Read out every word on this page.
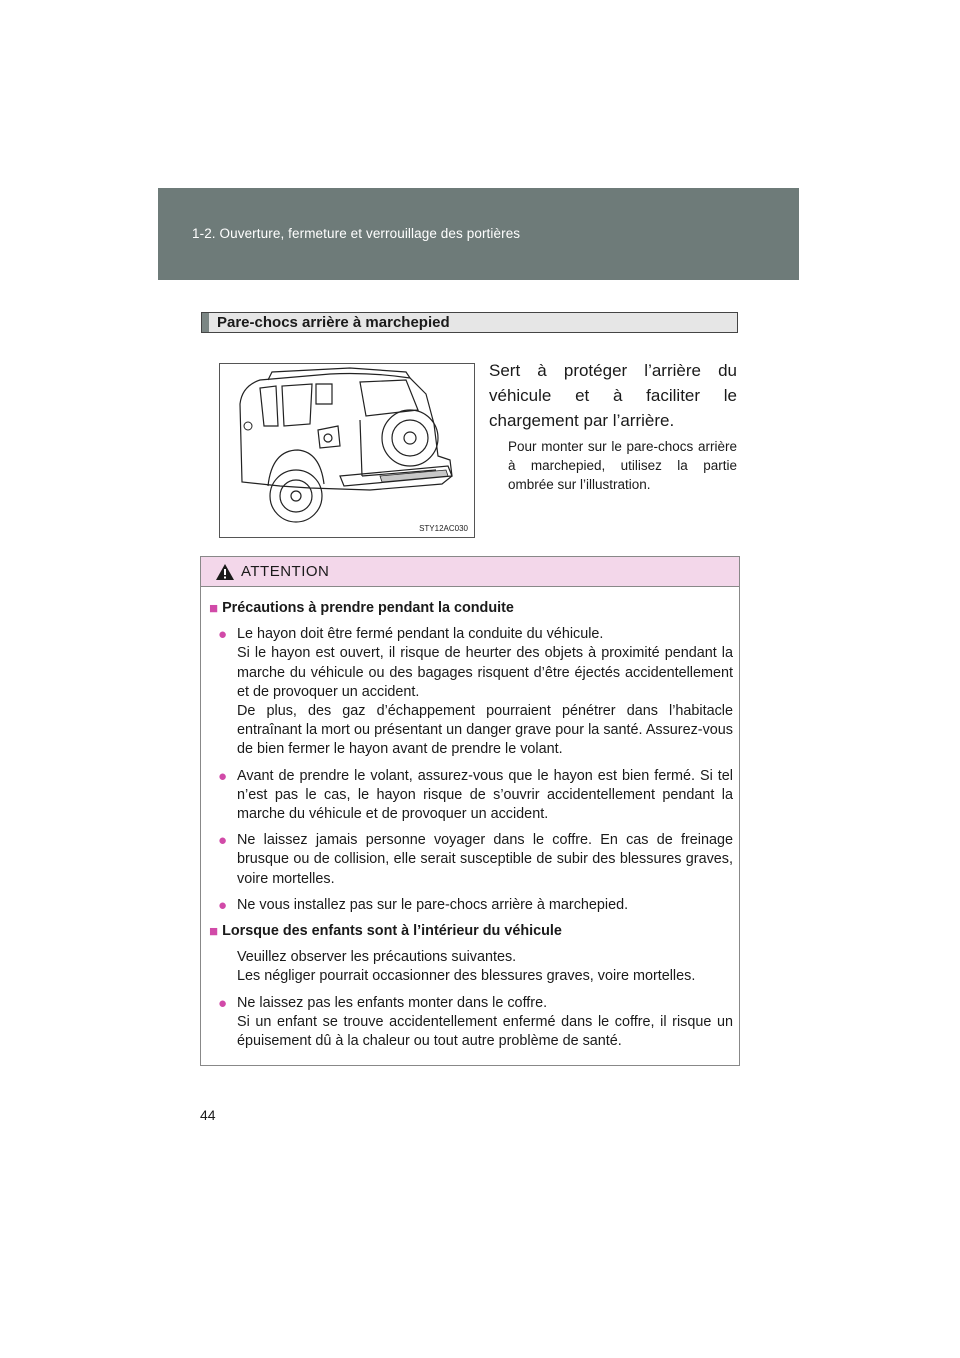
1-2. Ouverture, fermeture et verrouillage des portières
Pare-chocs arrière à marchepied
STY12AC030
Sert à protéger l’arrière du véhicule et à faciliter le chargement par l’arrière.
Pour monter sur le pare-chocs arrière à marchepied, utilisez la partie ombrée sur l’illustration.
ATTENTION
■ Précautions à prendre pendant la conduite
● Le hayon doit être fermé pendant la conduite du véhicule.
Si le hayon est ouvert, il risque de heurter des objets à proximité pendant la marche du véhicule ou des bagages risquent d’être éjectés accidentellement et de provoquer un accident.
De plus, des gaz d’échappement pourraient pénétrer dans l’habitacle entraînant la mort ou présentant un danger grave pour la santé. Assurez-vous de bien fermer le hayon avant de prendre le volant.
● Avant de prendre le volant, assurez-vous que le hayon est bien fermé. Si tel n’est pas le cas, le hayon risque de s’ouvrir accidentellement pendant la marche du véhicule et de provoquer un accident.
● Ne laissez jamais personne voyager dans le coffre. En cas de freinage brusque ou de collision, elle serait susceptible de subir des blessures graves, voire mortelles.
● Ne vous installez pas sur le pare-chocs arrière à marchepied.
■ Lorsque des enfants sont à l’intérieur du véhicule
Veuillez observer les précautions suivantes.
Les négliger pourrait occasionner des blessures graves, voire mortelles.
● Ne laissez pas les enfants monter dans le coffre.
Si un enfant se trouve accidentellement enfermé dans le coffre, il risque un épuisement dû à la chaleur ou tout autre problème de santé.
44
